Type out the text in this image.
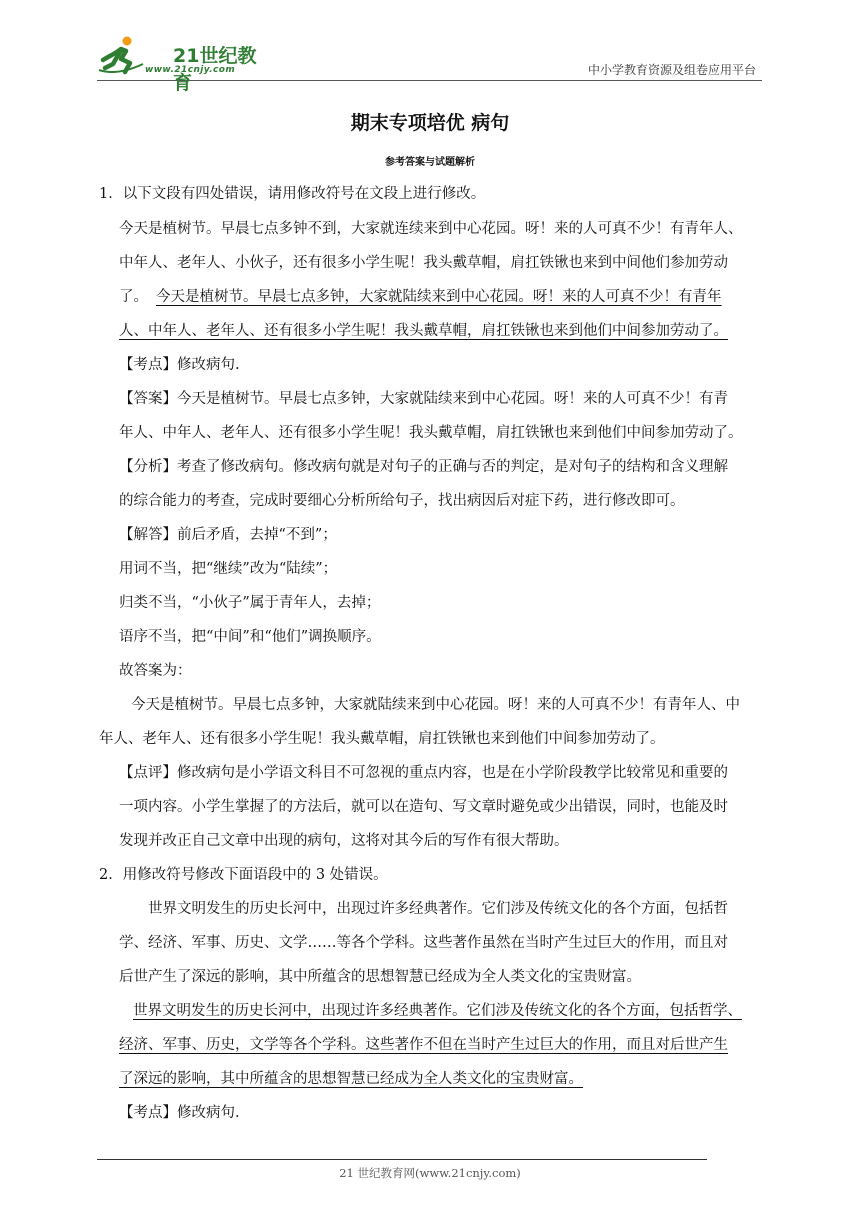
21世纪教育
www.21cnjy.com	中小学教育资源及组卷应用平台
期末专项培优 病句
参考答案与试题解析
1．以下文段有四处错误，请用修改符号在文段上进行修改。
今天是植树节。早晨七点多钟不到，大家就连续来到中心花园。呀！来的人可真不少！有青年人、
中年人、老年人、小伙子，还有很多小学生呢！我头戴草帽，肩扛铁锹也来到中间他们参加劳动
了。 今天是植树节。早晨七点多钟，大家就陆续来到中心花园。呀！来的人可真不少！有青年
人、中年人、老年人、还有很多小学生呢！我头戴草帽，肩扛铁锹也来到他们中间参加劳动了。
【考点】修改病句.
【答案】今天是植树节。早晨七点多钟，大家就陆续来到中心花园。呀！来的人可真不少！有青
年人、中年人、老年人、还有很多小学生呢！我头戴草帽，肩扛铁锹也来到他们中间参加劳动了。
【分析】考查了修改病句。修改病句就是对句子的正确与否的判定，是对句子的结构和含义理解
的综合能力的考查，完成时要细心分析所给句子，找出病因后对症下药，进行修改即可。
【解答】前后矛盾，去掉“不到”；
用词不当，把“继续”改为“陆续”；
归类不当，“小伙子”属于青年人，去掉；
语序不当，把“中间”和“他们”调换顺序。
故答案为：
今天是植树节。早晨七点多钟，大家就陆续来到中心花园。呀！来的人可真不少！有青年人、中
年人、老年人、还有很多小学生呢！我头戴草帽，肩扛铁锹也来到他们中间参加劳动了。
【点评】修改病句是小学语文科目不可忽视的重点内容，也是在小学阶段教学比较常见和重要的
一项内容。小学生掌握了的方法后，就可以在造句、写文章时避免或少出错误，同时，也能及时
发现并改正自己文章中出现的病句，这将对其今后的写作有很大帮助。
2．用修改符号修改下面语段中的 3 处错误。
世界文明发生的历史长河中，出现过许多经典著作。它们涉及传统文化的各个方面，包括哲
学、经济、军事、历史、文学……等各个学科。这些著作虽然在当时产生过巨大的作用，而且对
后世产生了深远的影响，其中所蕴含的思想智慧已经成为全人类文化的宝贵财富。
世界文明发生的历史长河中，出现过许多经典著作。它们涉及传统文化的各个方面，包括哲学、
经济、军事、历史，文学等各个学科。这些著作不但在当时产生过巨大的作用，而且对后世产生
了深远的影响，其中所蕴含的思想智慧已经成为全人类文化的宝贵财富。
【考点】修改病句.
21 世纪教育网(www.21cnjy.com)
